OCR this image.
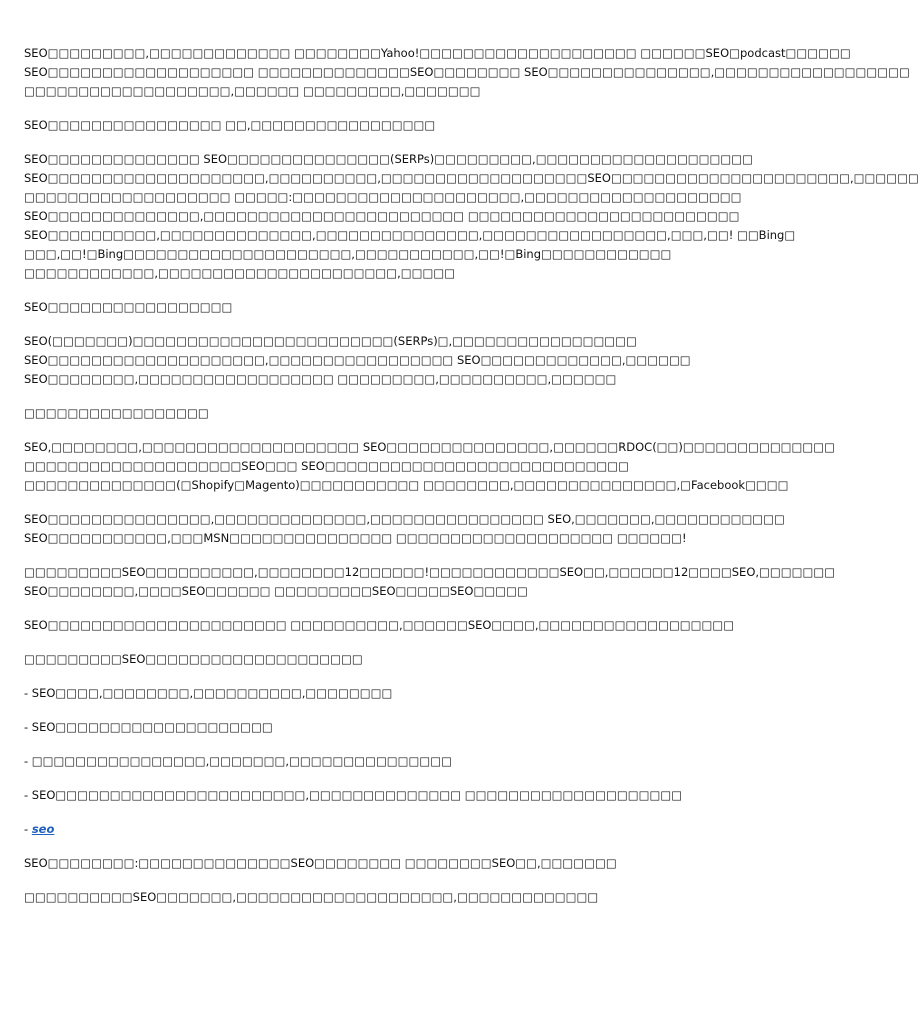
SEO□□□□□□□□□,□□□□□□□□□□□□□ □□□□□□□□Yahoo!□□□□□□□□□□□□□□□□□□□□ □□□□□□SEO□podcast□□□□□□
SEO□□□□□□□□□□□□□□□□□□□ □□□□□□□□□□□□□□SEO□□□□□□□□ SEO□□□□□□□□□□□□□□□,□□□□□□□□□□□□□□□□□□
□□□□□□□□□□□□□□□□□□□,□□□□□□ □□□□□□□□□,□□□□□□□

SEO□□□□□□□□□□□□□□□□ □□,□□□□□□□□□□□□□□□□□

SEO□□□□□□□□□□□□□□ SEO□□□□□□□□□□□□□□□(SERPs)□□□□□□□□□,□□□□□□□□□□□□□□□□□□□□
SEO□□□□□□□□□□□□□□□□□□□□,□□□□□□□□□□,□□□□□□□□□□□□□□□□□□□SEO□□□□□□□□□□□□□□□□□□□□□□,□□□□□□
□□□□□□□□□□□□□□□□□□□ □□□□□:□□□□□□□□□□□□□□□□□□□□□,□□□□□□□□□□□□□□□□□□□□
SEO□□□□□□□□□□□□□□,□□□□□□□□□□□□□□□□□□□□□□□□ □□□□□□□□□□□□□□□□□□□□□□□□□
SEO□□□□□□□□□□,□□□□□□□□□□□□□□,□□□□□□□□□□□□□□□,□□□□□□□□□□□□□□□□□,□□□,□□! □□Bing□
□□□,□□!□Bing□□□□□□□□□□□□□□□□□□□□□,□□□□□□□□□□□,□□!□Bing□□□□□□□□□□□□
□□□□□□□□□□□□,□□□□□□□□□□□□□□□□□□□□□□,□□□□□

SEO□□□□□□□□□□□□□□□□□

SEO(□□□□□□□)□□□□□□□□□□□□□□□□□□□□□□□□(SERPs)□,□□□□□□□□□□□□□□□□□
SEO□□□□□□□□□□□□□□□□□□□□,□□□□□□□□□□□□□□□□□ SEO□□□□□□□□□□□□□,□□□□□□
SEO□□□□□□□□,□□□□□□□□□□□□□□□□□□ □□□□□□□□□,□□□□□□□□□□,□□□□□□

□□□□□□□□□□□□□□□□□

SEO,□□□□□□□□,□□□□□□□□□□□□□□□□□□□□ SEO□□□□□□□□□□□□□□□,□□□□□□RDOC(□□)□□□□□□□□□□□□□□
□□□□□□□□□□□□□□□□□□□□SEO□□□ SEO□□□□□□□□□□□□□□□□□□□□□□□□□□□□
□□□□□□□□□□□□□□(□Shopify□Magento)□□□□□□□□□□□ □□□□□□□□,□□□□□□□□□□□□□□□,□Facebook□□□□

SEO□□□□□□□□□□□□□□□,□□□□□□□□□□□□□□,□□□□□□□□□□□□□□□□ SEO,□□□□□□□,□□□□□□□□□□□□
SEO□□□□□□□□□□□,□□□MSN□□□□□□□□□□□□□□□ □□□□□□□□□□□□□□□□□□□□ □□□□□□!

□□□□□□□□□SEO□□□□□□□□□□,□□□□□□□□12□□□□□□!□□□□□□□□□□□□SEO□□,□□□□□□12□□□□SEO,□□□□□□□
SEO□□□□□□□□,□□□□SEO□□□□□□ □□□□□□□□□SEO□□□□□SEO□□□□□

SEO□□□□□□□□□□□□□□□□□□□□□□ □□□□□□□□□□,□□□□□□SEO□□□□,□□□□□□□□□□□□□□□□□□

□□□□□□□□□SEO□□□□□□□□□□□□□□□□□□□□

- SEO□□□□,□□□□□□□□,□□□□□□□□□□,□□□□□□□□

- SEO□□□□□□□□□□□□□□□□□□□□

- □□□□□□□□□□□□□□□□,□□□□□□□,□□□□□□□□□□□□□□□

- SEO□□□□□□□□□□□□□□□□□□□□□□□,□□□□□□□□□□□□□□ □□□□□□□□□□□□□□□□□□□□

- seo

SEO□□□□□□□□:□□□□□□□□□□□□□□SEO□□□□□□□□ □□□□□□□□SEO□□,□□□□□□□

□□□□□□□□□□SEO□□□□□□□,□□□□□□□□□□□□□□□□□□□□,□□□□□□□□□□□□□
